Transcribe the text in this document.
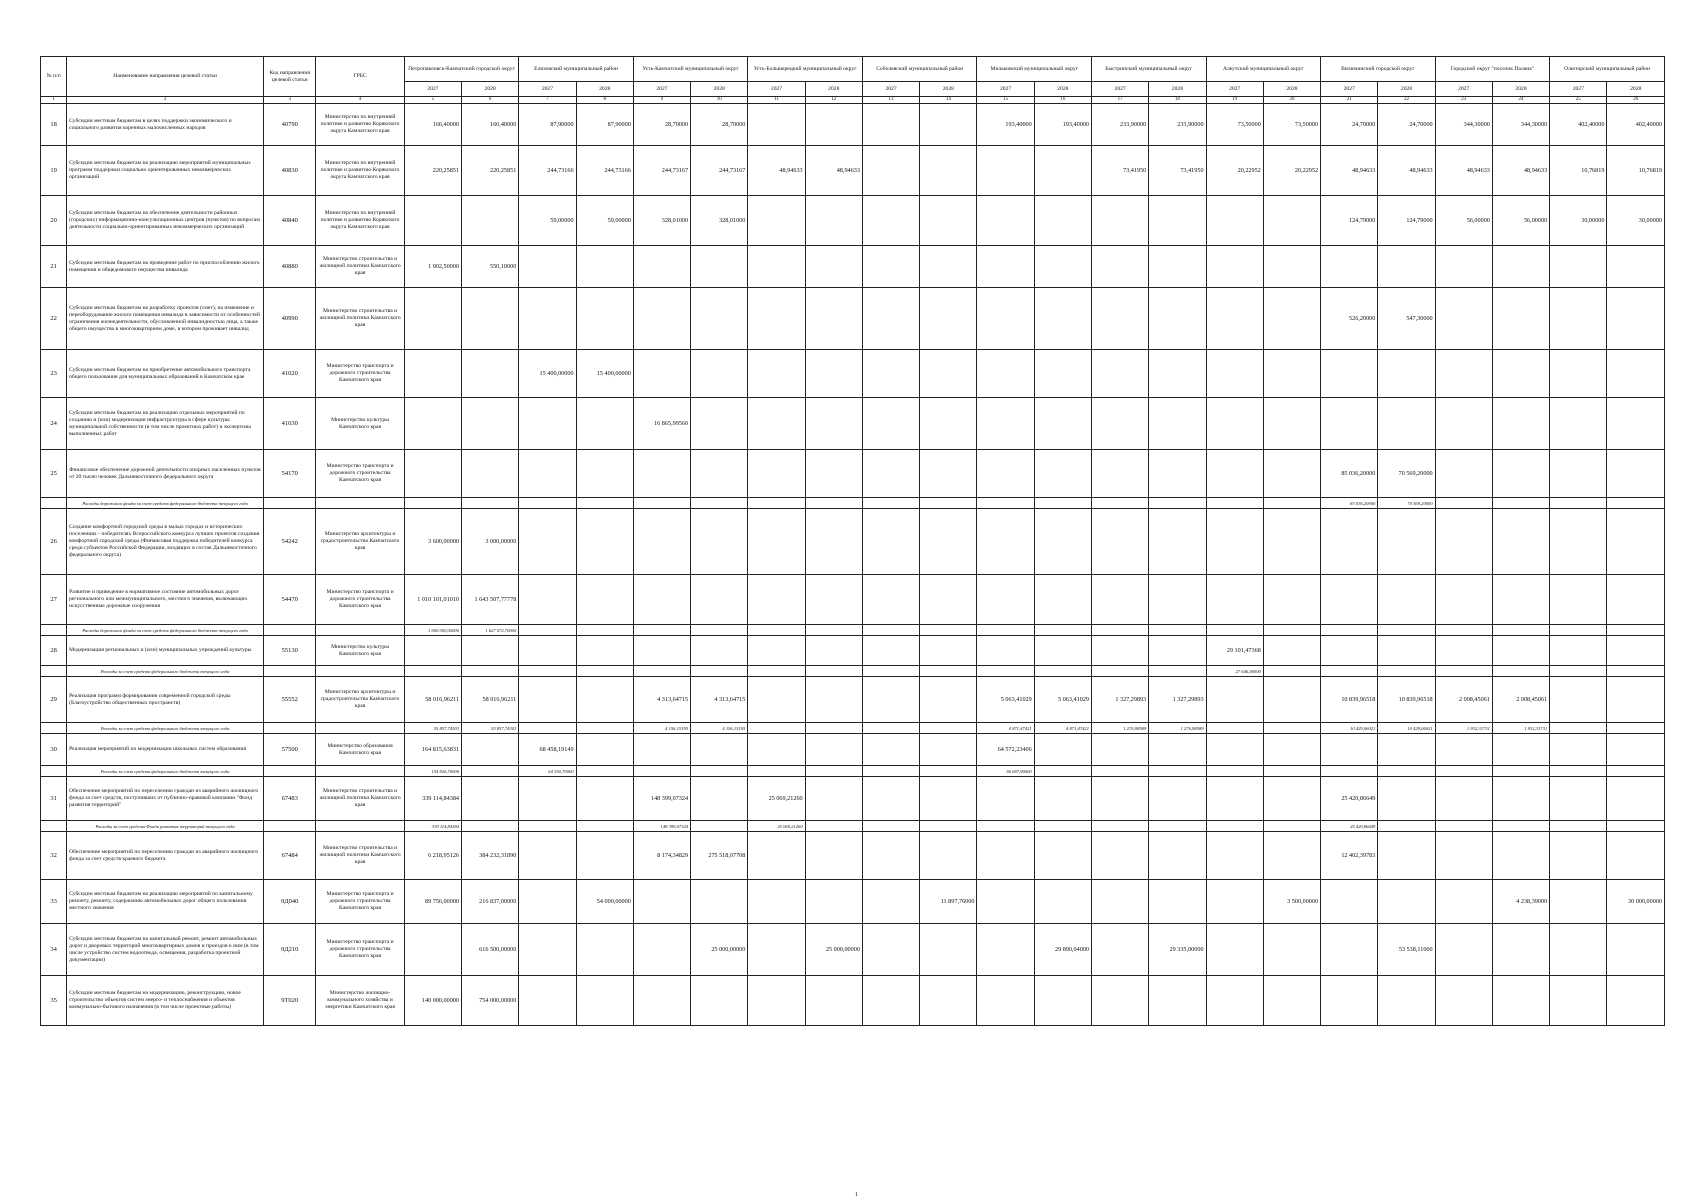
№ п/п	Наименование направления целевой статьи	Код направления целевой статьи	ГРБС	Петропавловск-Камчатский городской округ		Елизовский муниципальный район		Усть-Камчатский муниципальный округ		Усть-Большерецкий муниципальный округ		Соболевский муниципальный район		Мильковский муниципальный округ		Быстринский муниципальный округ		Алеутский муниципальный округ		Вилючинский городской округ		Городской округ "поселок Палана"		Олюторский муниципальный район	
				2027	2028	2027	2028	2027	2028	2027	2028	2027	2028	2027	2028	2027	2028	2027	2028	2027	2028	2027	2028	2027	2028
1	2	3	4	5	6	7	8	9	10	11	12	13	14	15	16	17	18	19	20	21	22	23	24	25	26
18	Субсидии местным бюджетам в целях поддержки экономического и социального развития коренных малочисленных народов	40790	Министерство по внутренней политике и развитию Корякского округа Камчатского края	166,40000	166,40000	87,90000	87,90000	28,70000	28,70000					193,40000	193,40000	233,90000	233,90000	73,50000	73,50000	24,70000	24,70000	344,30000	344,30000	402,40000	402,40000
19	Субсидии местным бюджетам на реализацию мероприятий муниципальных программ поддержки социально ориентированных некоммерческих организаций	40830	Министерство по внутренней политике и развитию Корякского округа Камчатского края	220,25851	220,25851	244,73166	244,73166	244,73167	244,73167	48,94633	48,94633					73,41950	73,41950	20,22952	20,22952	48,94633	48,94633	48,94633	48,94633	10,76819	10,76819
20	Субсидии местным бюджетам на обеспечение деятельности районных (городских) информационно-консультационных центров (пунктов) по вопросам деятельности социально-ориентированных некоммерческих организаций	40840	Министерство по внутренней политике и развитию Корякского округа Камчатского края			59,00000	59,00000	328,01000	328,01000											124,79000	124,79000	56,00000	56,00000	30,00000	30,00000
21	Субсидии местным бюджетам на проведение работ по приспособлению жилого помещения и общедомового имущества инвалида	40880	Министерство строительства и жилищной политики Камчатского края	1 902,50000	550,10000																				
22	Субсидии местным бюджетам на разработку проектов (смет), на изменение и переоборудование жилого помещения инвалида в зависимости от особенностей ограничения жизнедеятельности, обусловленной инвалидностью лица, а также общего имущества в многоквартирном доме, в котором проживает инвалид	40990	Министерство строительства и жилищной политики Камчатского края																	526,20000	547,30000				
23	Субсидии местным бюджетам на приобретение автомобильного транспорта общего пользования для муниципальных образований в Камчатском крае	41020	Министерство транспорта и дорожного строительства Камчатского края			15 400,00000	15 400,00000																		
24	Субсидии местным бюджетам на реализацию отдельных мероприятий по созданию и (или) модернизации инфраструктуры в сфере культуры муниципальной собственности (в том числе проектных работ) и экспертизы выполненных работ	41030	Министерство культуры Камчатского края					16 865,99560																	
25	Финансовое обеспечение дорожной деятельности опорных населенных пунктов от 20 тысяч человек Дальневосточного федерального округа	54170	Министерство транспорта и дорожного строительства Камчатского края																	85 036,20000	70 569,20000				
	Расходы дорожного фонда за счет средств федерального бюджета текущего года																			83 036,20000	70 569,20000				
26	Создание комфортной городской среды в малых городах и исторических поселениях - победителях Всероссийского конкурса лучших проектов создания комфортной городской среды (Финансовая поддержка победителей конкурса среди субъектов Российской Федерации, входящих в состав Дальневосточного федерального округа)	54242	Министерство архитектуры и градостроительства Камчатского края	3 600,00000	3 000,00000																				
27	Развитие и приведение в нормативное состояние автомобильных дорог регионального или межмуниципального, местного значения, включающих искусственные дорожные сооружения	54470	Министерство транспорта и дорожного строительства Камчатского края	1 010 101,01010	1 643 507,77778																				
	Расходы дорожного фонда за счет средств федерального бюджета текущего года			1 000 000,00000	1 627 072,70000																				
28	Модернизация региональных и (или) муниципальных учреждений культуры	55130	Министерство культуры Камчатского края															29 101,47368							
	Расходы за счет средств федерального бюджета текущего года																	27 646,40000							
29	Реализация программ формирования современной городской среды (Благоустройство общественных пространств)	55552	Министерство архитектуры и градостроительства Камчатского края	58 016,96211	58 016,96211			4 313,64715	4 313,64715					5 063,41029	5 063,41029	1 327,29893	1 327,29893			10 839,96518	10 839,96518	2 008,45061	2 008,45061		
	Расходы за счет средств федерального бюджета текущего года			55 857,74303	55 857,74303			4 156,15195	4 156,15195					4 871,47421	4 871,47421	1 276,98589	1 276,98589			10 429,06021	10 429,06021	1 932,31731	1 932,31731		
30	Реализация мероприятий по модернизации школьных систем образования	57500	Министерство образования Камчатского края	164 815,63831		68 458,19149								64 572,23406											
	Расходы за счет средств федерального бюджета текущего года			154 926,70000		64 350,70000								60 697,90000											
31	Обеспечение мероприятий по переселению граждан из аварийного жилищного фонда за счет средств, поступивших от публично-правовой компании "Фонд развития территорий"	67483	Министерство строительства и жилищной политики Камчатского края	339 114,84384				148 399,07324		25 069,21260										25 420,86649					
	Расходы за счет средств Фонда развития территорий текущего года			339 114,84384				148 399,07324		25 069,21260										25 420,86649					
32	Обеспечение мероприятий по переселению граждан из аварийного жилищного фонда за счет средств краевого бюджета	67484	Министерство строительства и жилищной политики Камчатского края	6 218,95126	384 232,31890			8 174,34829	275 518,07708											12 402,39783					
33	Субсидии местным бюджетам на реализацию мероприятий по капитальному ремонту, ремонту, содержанию автомобильных дорог общего пользования местного значения	9Д040	Министерство транспорта и дорожного строительства Камчатского края	89 756,00000	216 837,00000		54 000,00000						11 897,76000						3 500,00000				4 238,39000		30 000,00000
34	Субсидии местным бюджетам на капитальный ремонт, ремонт автомобильных дорог и дворовых территорий многоквартирных домов и проездов к ним (в том числе устройство систем водоотвода, освещения, разработка проектной документации)	9Д210	Министерство транспорта и дорожного строительства Камчатского края		616 500,00000				25 000,00000		25 000,00000				29 890,04000		29 335,00000				53 538,11000				
35	Субсидии местным бюджетам на модернизацию, реконструкцию, новое строительство объектов систем энерго- и теплоснабжения и объектов коммунально-бытового назначения (в том числе проектные работы)	9Т020	Министерство жилищно-коммунального хозяйства и энергетики Камчатского края	140 000,00000	754 000,00000																				
1
